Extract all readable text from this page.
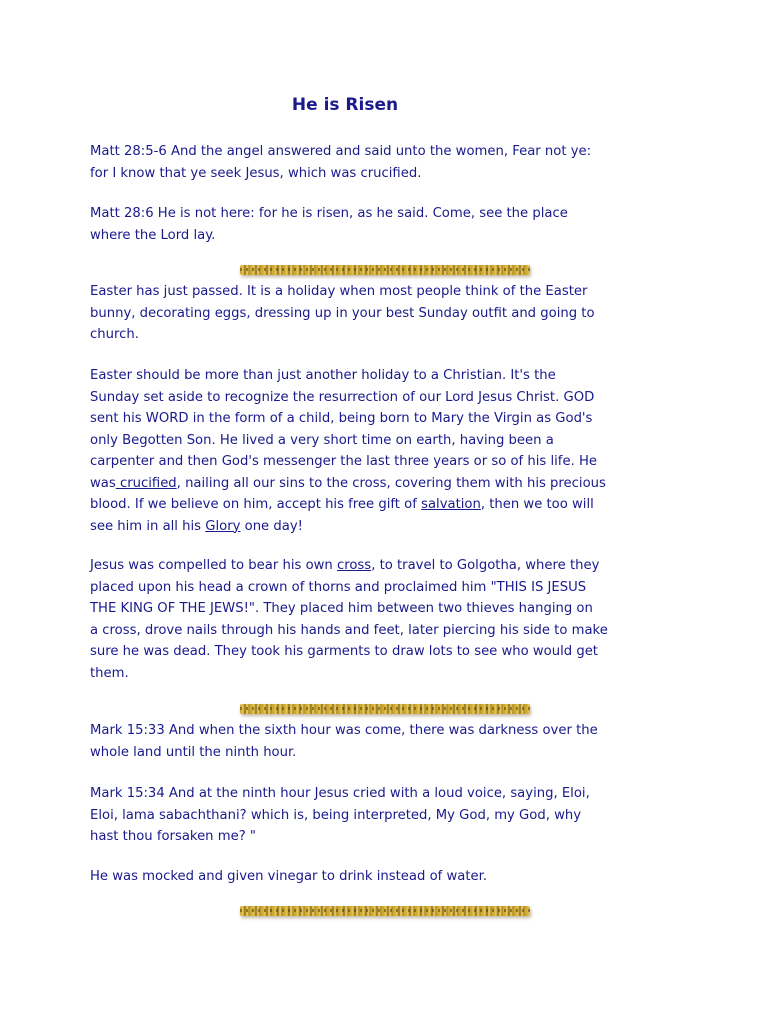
He is Risen

Matt 28:5-6 And the angel answered and said unto the women, Fear not ye:
for I know that ye seek Jesus, which was crucified.

Matt 28:6 He is not here: for he is risen, as he said. Come, see the place
where the Lord lay.

Easter has just passed. It is a holiday when most people think of the Easter
bunny, decorating eggs, dressing up in your best Sunday outfit and going to
church.

Easter should be more than just another holiday to a Christian. It's the
Sunday set aside to recognize the resurrection of our Lord Jesus Christ. GOD
sent his WORD in the form of a child, being born to Mary the Virgin as God's
only Begotten Son. He lived a very short time on earth, having been a
carpenter and then God's messenger the last three years or so of his life. He
was crucified, nailing all our sins to the cross, covering them with his precious
blood. If we believe on him, accept his free gift of salvation, then we too will
see him in all his Glory one day!

Jesus was compelled to bear his own cross, to travel to Golgotha, where they
placed upon his head a crown of thorns and proclaimed him "THIS IS JESUS
THE KING OF THE JEWS!". They placed him between two thieves hanging on
a cross, drove nails through his hands and feet, later piercing his side to make
sure he was dead. They took his garments to draw lots to see who would get
them.

Mark 15:33 And when the sixth hour was come, there was darkness over the
whole land until the ninth hour.

Mark 15:34 And at the ninth hour Jesus cried with a loud voice, saying, Eloi,
Eloi, lama sabachthani? which is, being interpreted, My God, my God, why
hast thou forsaken me? "

He was mocked and given vinegar to drink instead of water.
